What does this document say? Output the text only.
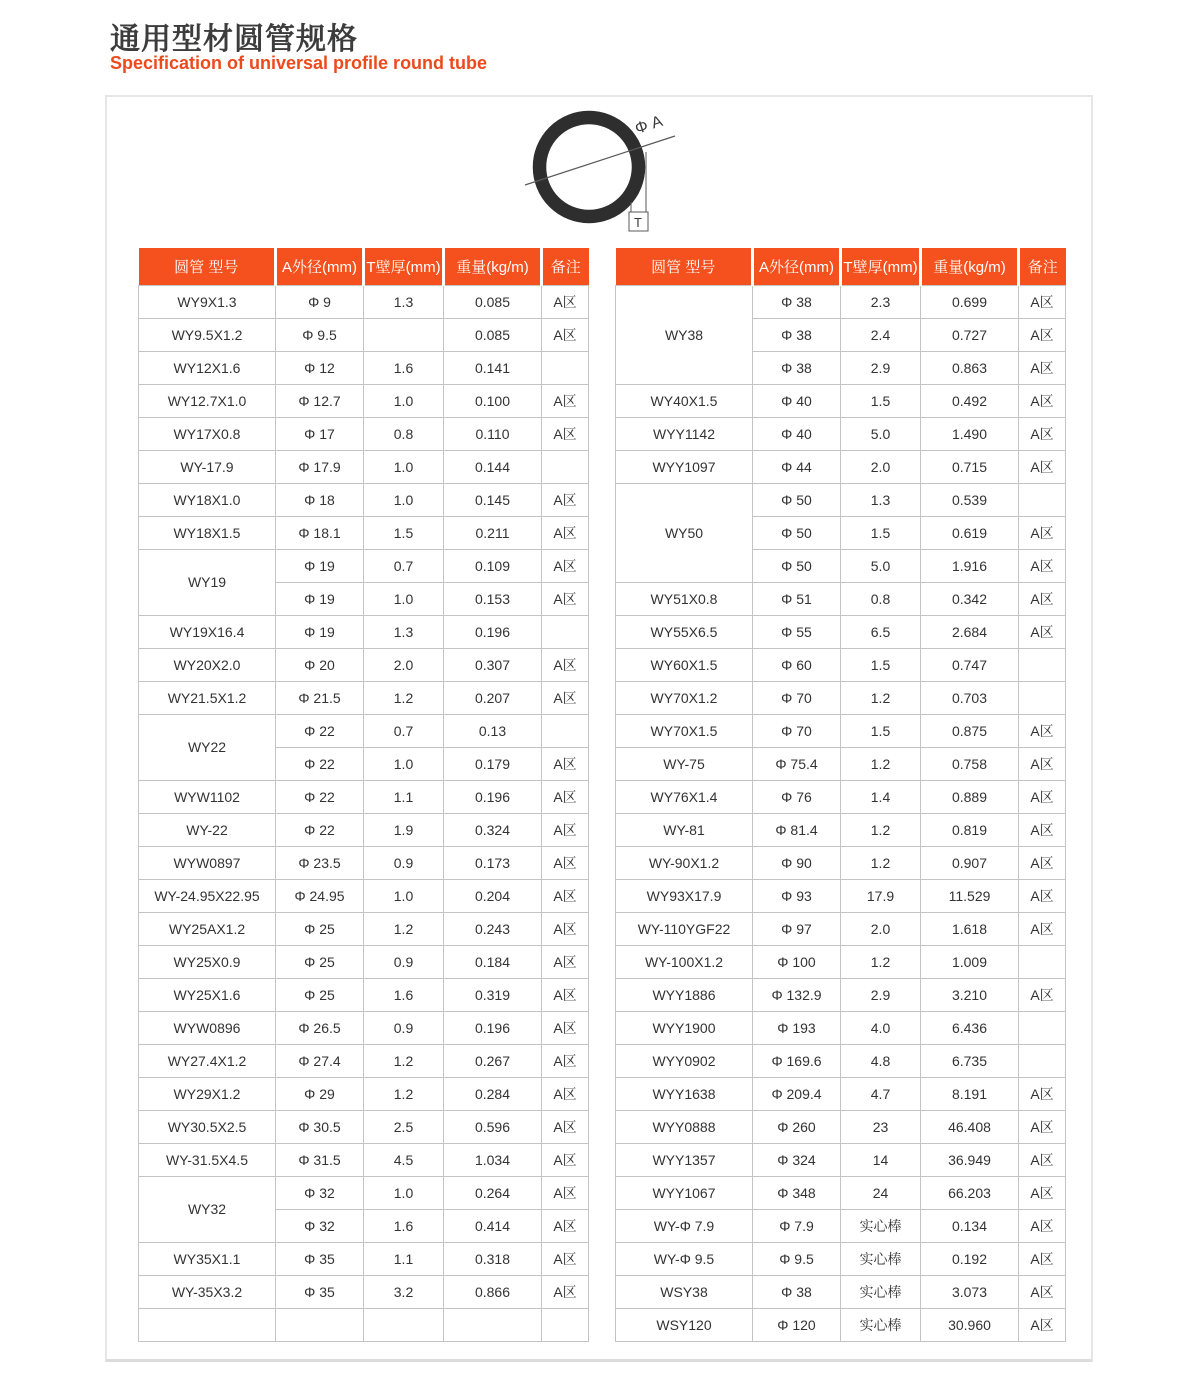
通用型材圆管规格
Specification of universal profile round tube
Φ A
T
圆管 型号	A外径(mm)	T壁厚(mm)	重量(kg/m)	备注
WY9X1.3	Φ 9	1.3	0.085	A区
WY9.5X1.2	Φ 9.5		0.085	A区
WY12X1.6	Φ 12	1.6	0.141	
WY12.7X1.0	Φ 12.7	1.0	0.100	A区
WY17X0.8	Φ 17	0.8	0.110	A区
WY-17.9	Φ 17.9	1.0	0.144	
WY18X1.0	Φ 18	1.0	0.145	A区
WY18X1.5	Φ 18.1	1.5	0.211	A区
WY19	Φ 19	0.7	0.109	A区
	Φ 19	1.0	0.153	A区
WY19X16.4	Φ 19	1.3	0.196	
WY20X2.0	Φ 20	2.0	0.307	A区
WY21.5X1.2	Φ 21.5	1.2	0.207	A区
WY22	Φ 22	0.7	0.13	
	Φ 22	1.0	0.179	A区
WYW1102	Φ 22	1.1	0.196	A区
WY-22	Φ 22	1.9	0.324	A区
WYW0897	Φ 23.5	0.9	0.173	A区
WY-24.95X22.95	Φ 24.95	1.0	0.204	A区
WY25AX1.2	Φ 25	1.2	0.243	A区
WY25X0.9	Φ 25	0.9	0.184	A区
WY25X1.6	Φ 25	1.6	0.319	A区
WYW0896	Φ 26.5	0.9	0.196	A区
WY27.4X1.2	Φ 27.4	1.2	0.267	A区
WY29X1.2	Φ 29	1.2	0.284	A区
WY30.5X2.5	Φ 30.5	2.5	0.596	A区
WY-31.5X4.5	Φ 31.5	4.5	1.034	A区
WY32	Φ 32	1.0	0.264	A区
	Φ 32	1.6	0.414	A区
WY35X1.1	Φ 35	1.1	0.318	A区
WY-35X3.2	Φ 35	3.2	0.866	A区

圆管 型号	A外径(mm)	T壁厚(mm)	重量(kg/m)	备注
WY38	Φ 38	2.3	0.699	A区
	Φ 38	2.4	0.727	A区
	Φ 38	2.9	0.863	A区
WY40X1.5	Φ 40	1.5	0.492	A区
WYY1142	Φ 40	5.0	1.490	A区
WYY1097	Φ 44	2.0	0.715	A区
WY50	Φ 50	1.3	0.539	
	Φ 50	1.5	0.619	A区
	Φ 50	5.0	1.916	A区
WY51X0.8	Φ 51	0.8	0.342	A区
WY55X6.5	Φ 55	6.5	2.684	A区
WY60X1.5	Φ 60	1.5	0.747	
WY70X1.2	Φ 70	1.2	0.703	
WY70X1.5	Φ 70	1.5	0.875	A区
WY-75	Φ 75.4	1.2	0.758	A区
WY76X1.4	Φ 76	1.4	0.889	A区
WY-81	Φ 81.4	1.2	0.819	A区
WY-90X1.2	Φ 90	1.2	0.907	A区
WY93X17.9	Φ 93	17.9	11.529	A区
WY-110YGF22	Φ 97	2.0	1.618	A区
WY-100X1.2	Φ 100	1.2	1.009	
WYY1886	Φ 132.9	2.9	3.210	A区
WYY1900	Φ 193	4.0	6.436	
WYY0902	Φ 169.6	4.8	6.735	
WYY1638	Φ 209.4	4.7	8.191	A区
WYY0888	Φ 260	23	46.408	A区
WYY1357	Φ 324	14	36.949	A区
WYY1067	Φ 348	24	66.203	A区
WY-Φ 7.9	Φ 7.9	实心棒	0.134	A区
WY-Φ 9.5	Φ 9.5	实心棒	0.192	A区
WSY38	Φ 38	实心棒	3.073	A区
WSY120	Φ 120	实心棒	30.960	A区
